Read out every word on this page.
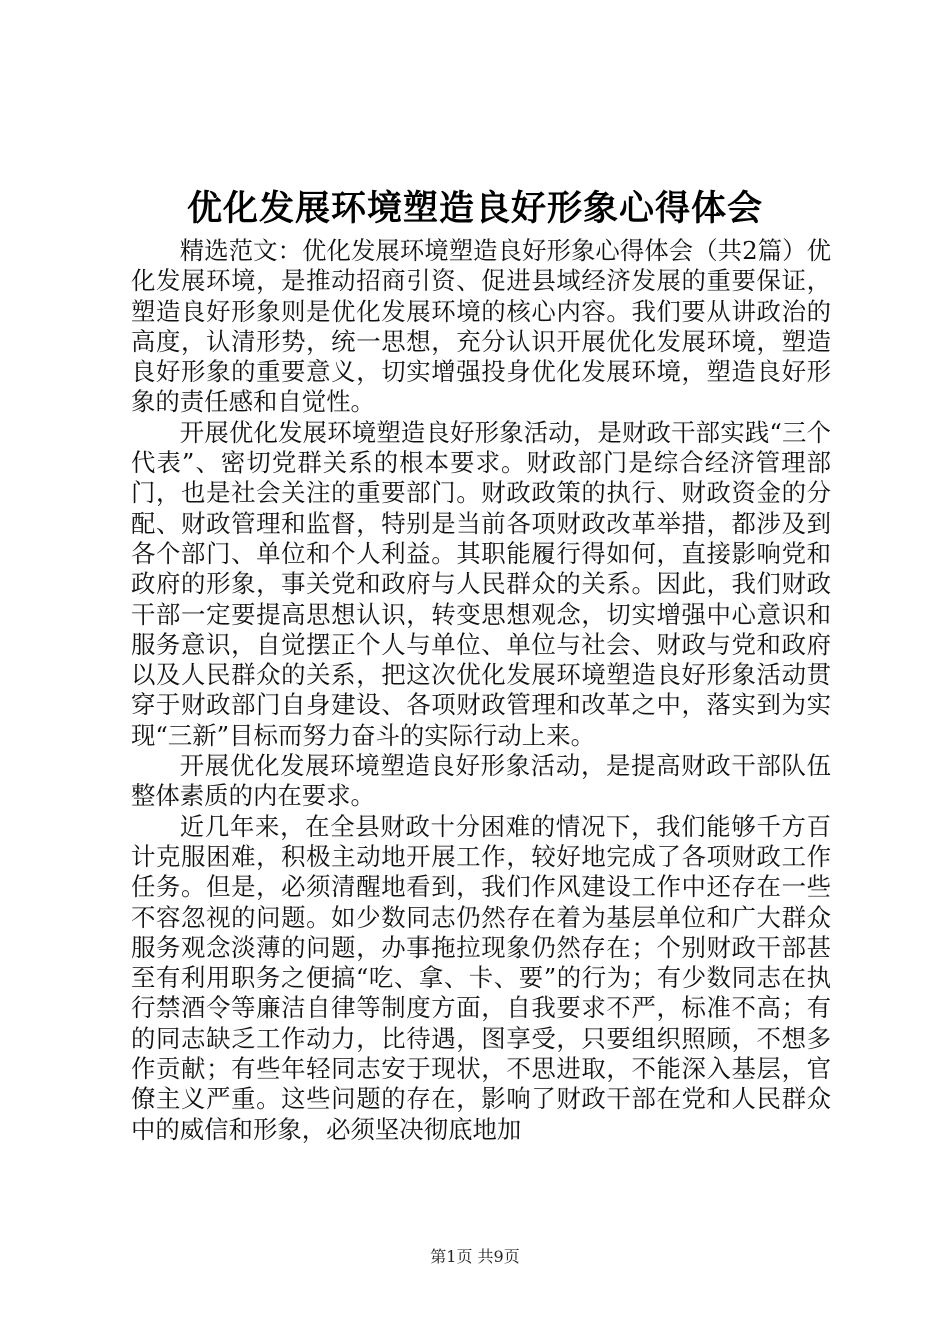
优化发展环境塑造良好形象心得体会

精选范文：优化发展环境塑造良好形象心得体会（共2篇）优化发展环境，是推动招商引资、促进县域经济发展的重要保证，塑造良好形象则是优化发展环境的核心内容。我们要从讲政治的高度，认清形势，统一思想，充分认识开展优化发展环境，塑造良好形象的重要意义，切实增强投身优化发展环境，塑造良好形象的责任感和自觉性。

开展优化发展环境塑造良好形象活动，是财政干部实践“三个代表”、密切党群关系的根本要求。财政部门是综合经济管理部门，也是社会关注的重要部门。财政政策的执行、财政资金的分配、财政管理和监督，特别是当前各项财政改革举措，都涉及到各个部门、单位和个人利益。其职能履行得如何，直接影响党和政府的形象，事关党和政府与人民群众的关系。因此，我们财政干部一定要提高思想认识，转变思想观念，切实增强中心意识和服务意识，自觉摆正个人与单位、单位与社会、财政与党和政府以及人民群众的关系，把这次优化发展环境塑造良好形象活动贯穿于财政部门自身建设、各项财政管理和改革之中，落实到为实现“三新”目标而努力奋斗的实际行动上来。

开展优化发展环境塑造良好形象活动，是提高财政干部队伍整体素质的内在要求。

近几年来，在全县财政十分困难的情况下，我们能够千方百计克服困难，积极主动地开展工作，较好地完成了各项财政工作任务。但是，必须清醒地看到，我们作风建设工作中还存在一些不容忽视的问题。如少数同志仍然存在着为基层单位和广大群众服务观念淡薄的问题，办事拖拉现象仍然存在；个别财政干部甚至有利用职务之便搞“吃、拿、卡、要”的行为；有少数同志在执行禁酒令等廉洁自律等制度方面，自我要求不严，标准不高；有的同志缺乏工作动力，比待遇，图享受，只要组织照顾，不想多作贡献；有些年轻同志安于现状，不思进取，不能深入基层，官僚主义严重。这些问题的存在，影响了财政干部在党和人民群众中的威信和形象，必须坚决彻底地加

第1页 共9页
